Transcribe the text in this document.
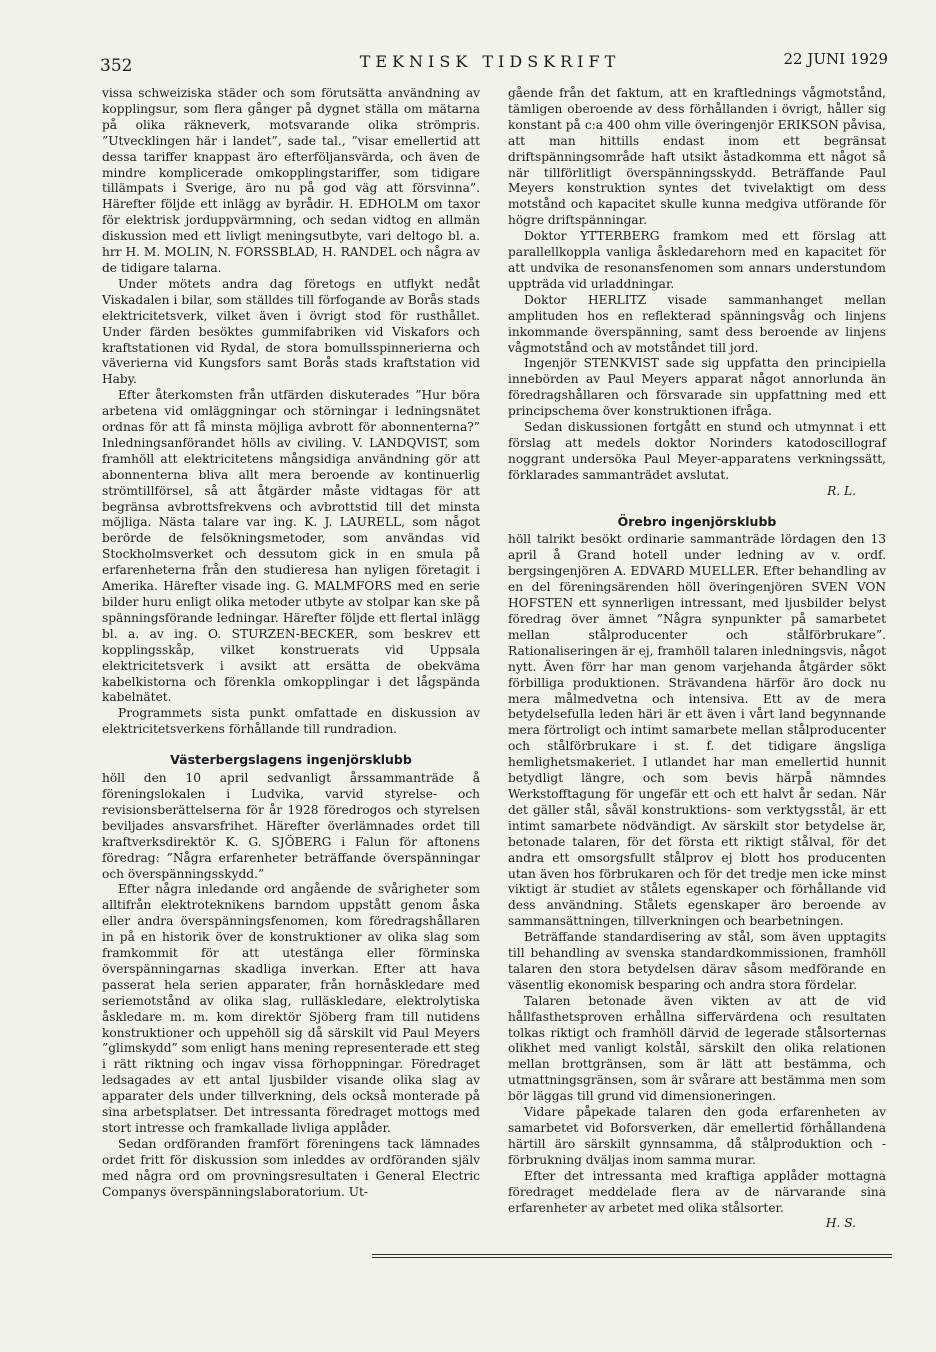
352	TEKNISK TIDSKRIFT	22 JUNI 1929

vissa schweiziska städer och som förutsätta användning av kopplingsur, som flera gånger på dygnet ställa om mätarna på olika räkneverk, motsvarande olika strömpris. ”Utvecklingen här i landet”, sade tal., ”visar emellertid att dessa tariffer knappast äro efterföljansvärda, och även de mindre komplicerade omkopplingstariffer, som tidigare tillämpats i Sverige, äro nu på god väg att försvinna”. Härefter följde ett inlägg av byrådir. H. EDHOLM om taxor för elektrisk jorduppvärmning, och sedan vidtog en allmän diskussion med ett livligt meningsutbyte, vari deltogo bl. a. hrr H. M. MOLIN, N. FORSSBLAD, H. RANDEL och några av de tidigare talarna.

Under mötets andra dag företogs en utflykt nedåt Viskadalen i bilar, som ställdes till förfogande av Borås stads elektricitetsverk, vilket även i övrigt stod för rusthållet. Under färden besöktes gummifabriken vid Viskafors och kraftstationen vid Rydal, de stora bomullsspinnerierna och väverierna vid Kungsfors samt Borås stads kraftstation vid Haby.

Efter återkomsten från utfärden diskuterades ”Hur böra arbetena vid omläggningar och störningar i ledningsnätet ordnas för att få minsta möjliga avbrott för abonnenterna?” Inledningsanförandet hölls av civiling. V. LANDQVIST, som framhöll att elektricitetens mångsidiga användning gör att abonnenterna bliva allt mera beroende av kontinuerlig strömtillförsel, så att åtgärder måste vidtagas för att begränsa avbrottsfrekvens och avbrottstid till det minsta möjliga. Nästa talare var ing. K. J. LAURELL, som något berörde de felsökningsmetoder, som användas vid Stockholmsverket och dessutom gick in en smula på erfarenheterna från den studieresa han nyligen företagit i Amerika. Härefter visade ing. G. MALMFORS med en serie bilder huru enligt olika metoder utbyte av stolpar kan ske på spänningsförande ledningar. Härefter följde ett flertal inlägg bl. a. av ing. O. STURZEN-BECKER, som beskrev ett kopplingsskåp, vilket konstruerats vid Uppsala elektricitetsverk i avsikt att ersätta de obekväma kabelkistorna och förenkla omkopplingar i det lågspända kabelnätet.

Programmets sista punkt omfattade en diskussion av elektricitetsverkens förhållande till rundradion.

Västerbergslagens ingenjörsklubb

höll den 10 april sedvanligt årssammanträde å föreningslokalen i Ludvika, varvid styrelse- och revisionsberättelserna för år 1928 föredrogos och styrelsen beviljades ansvarsfrihet. Härefter överlämnades ordet till kraftverksdirektör K. G. SJÖBERG i Falun för aftonens föredrag: ”Några erfarenheter beträffande överspänningar och överspänningsskydd.”

Efter några inledande ord angående de svårigheter som alltifrån elektroteknikens barndom uppstått genom åska eller andra överspänningsfenomen, kom föredragshållaren in på en historik över de konstruktioner av olika slag som framkommit för att utestänga eller förminska överspänningarnas skadliga inverkan. Efter att hava passerat hela serien apparater, från hornåskledare med seriemotstånd av olika slag, rulläskledare, elektrolytiska åskledare m. m. kom direktör Sjöberg fram till nutidens konstruktioner och uppehöll sig då särskilt vid Paul Meyers ”glimskydd” som enligt hans mening representerade ett steg i rätt riktning och ingav vissa förhoppningar. Föredraget ledsagades av ett antal ljusbilder visande olika slag av apparater dels under tillverkning, dels också monterade på sina arbetsplatser. Det intressanta föredraget mottogs med stort intresse och framkallade livliga applåder.

Sedan ordföranden framfört föreningens tack lämnades ordet fritt för diskussion som inleddes av ordföranden själv med några ord om provningsresultaten i General Electric Companys överspänningslaboratorium. Ut-

gående från det faktum, att en kraftlednings vågmotstånd, tämligen oberoende av dess förhållanden i övrigt, håller sig konstant på c:a 400 ohm ville överingenjör ERIKSON påvisa, att man hittills endast inom ett begränsat driftspänningsområde haft utsikt åstadkomma ett något så när tillförlitligt överspänningsskydd. Beträffande Paul Meyers konstruktion syntes det tvivelaktigt om dess motstånd och kapacitet skulle kunna medgiva utförande för högre driftspänningar.

Doktor YTTERBERG framkom med ett förslag att parallellkoppla vanliga åskledarehorn med en kapacitet för att undvika de resonansfenomen som annars understundom uppträda vid urladdningar.

Doktor HERLITZ visade sammanhanget mellan amplituden hos en reflekterad spänningsvåg och linjens inkommande överspänning, samt dess beroende av linjens vågmotstånd och av motståndet till jord.

Ingenjör STENKVIST sade sig uppfatta den principiella innebörden av Paul Meyers apparat något annorlunda än föredragshållaren och försvarade sin uppfattning med ett principschema över konstruktionen ifråga.

Sedan diskussionen fortgått en stund och utmynnat i ett förslag att medels doktor Norinders katodoscillograf noggrant undersöka Paul Meyer-apparatens verkningssätt, förklarades sammanträdet avslutat.

R. L.
Örebro ingenjörsklubb

höll talrikt besökt ordinarie sammanträde lördagen den 13 april å Grand hotell under ledning av v. ordf. bergsingenjören A. EDVARD MUELLER. Efter behandling av en del föreningsärenden höll överingenjören SVEN VON HOFSTEN ett synnerligen intressant, med ljusbilder belyst föredrag över ämnet ”Några synpunkter på samarbetet mellan stålproducenter och stålförbrukare”. Rationaliseringen är ej, framhöll talaren inledningsvis, något nytt. Även förr har man genom varjehanda åtgärder sökt förbilliga produktionen. Strävandena härför äro dock nu mera målmedvetna och intensiva. Ett av de mera betydelsefulla leden häri är ett även i vårt land begynnande mera förtroligt och intimt samarbete mellan stålproducenter och stålförbrukare i st. f. det tidigare ängsliga hemlighetsmakeriet. I utlandet har man emellertid hunnit betydligt längre, och som bevis härpå nämndes Werkstofftagung för ungefär ett och ett halvt år sedan. När det gäller stål, såväl konstruktions- som verktygsstål, är ett intimt samarbete nödvändigt. Av särskilt stor betydelse är, betonade talaren, för det första ett riktigt stålval, för det andra ett omsorgsfullt stålprov ej blott hos producenten utan även hos förbrukaren och för det tredje men icke minst viktigt är studiet av stålets egenskaper och förhållande vid dess användning. Stålets egenskaper äro beroende av sammansättningen, tillverkningen och bearbetningen.

Beträffande standardisering av stål, som även upptagits till behandling av svenska standardkommissionen, framhöll talaren den stora betydelsen därav såsom medförande en väsentlig ekonomisk besparing och andra stora fördelar.

Talaren betonade även vikten av att de vid hållfasthetsproven erhållna siffervärdena och resultaten tolkas riktigt och framhöll därvid de legerade stålsorternas olikhet med vanligt kolstål, särskilt den olika relationen mellan brottgränsen, som är lätt att bestämma, och utmattningsgränsen, som är svårare att bestämma men som bör läggas till grund vid dimensioneringen.

Vidare påpekade talaren den goda erfarenheten av samarbetet vid Boforsverken, där emellertid förhållandena härtill äro särskilt gynnsamma, då stålproduktion och -förbrukning dväljas inom samma murar.

Efter det intressanta med kraftiga applåder mottagna föredraget meddelade flera av de närvarande sina erfarenheter av arbetet med olika stålsorter.

H. S.
